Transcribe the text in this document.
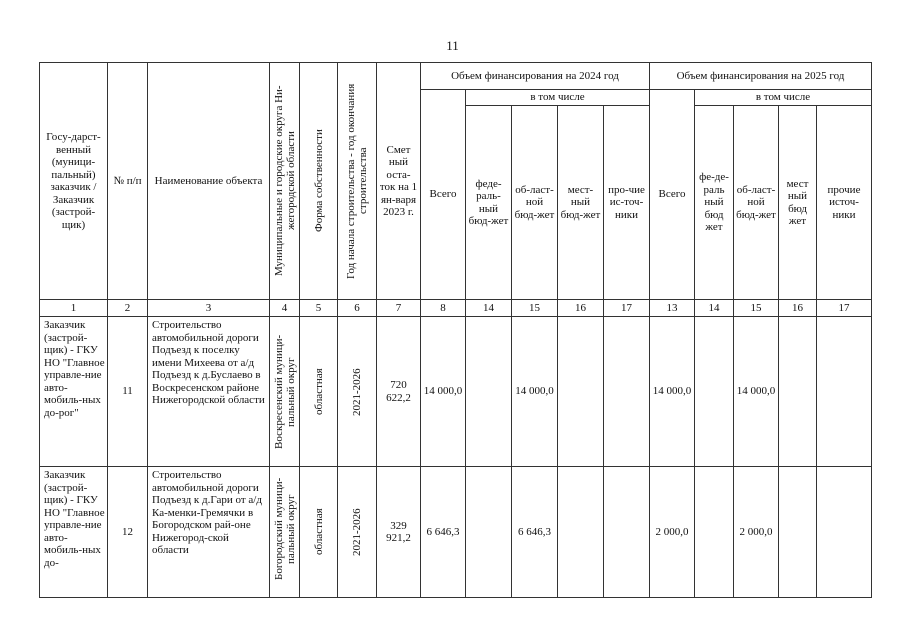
11
Госу-дарст-венный (муници-пальный) заказчик / Заказчик (застрой-щик)	№ п/п	Наименование объекта	Муниципальные и городские округа Ни-жегородской области	Форма собственности	Год начала строительства - год окончания строительства	Смет ный оста-ток на 1 ян-варя 2023 г.	Объем финансирования на 2024 год					Объем финансирования на 2025 год				
							Всего	в том числе				Всего	в том числе			
								феде-раль-ный бюд-жет	об-ласт-ной бюд-жет	мест-ный бюд-жет	про-чие ис-точ-ники		фе-де-раль ный бюд жет	об-ласт-ной бюд-жет	мест ный бюд жет	прочие источ-ники
1	2	3	4	5	6	7	8	14	15	16	17	13	14	15	16	17
Заказчик (застрой-щик) - ГКУ НО "Главное управле-ние авто-мобиль-ных до-рог"	11	Строительство автомобильной дороги Подъезд к поселку имени Михеева от а/д Подъезд к д.Буслаево в Воскресенском районе Нижегородской области	Воскресенский муници-пальный округ	областная	2021-2026	720 622,2	14 000,0		14 000,0			14 000,0		14 000,0		
Заказчик (застрой-щик) - ГКУ НО "Главное управле-ние авто-мобиль-ных до-	12	Строительство автомобильной дороги Подъезд к д.Гари от а/д Ка-менки-Гремячки в Богородском рай-оне Нижегород-ской области	Богородский муници-пальный округ	областная	2021-2026	329 921,2	6 646,3		6 646,3			2 000,0		2 000,0		
